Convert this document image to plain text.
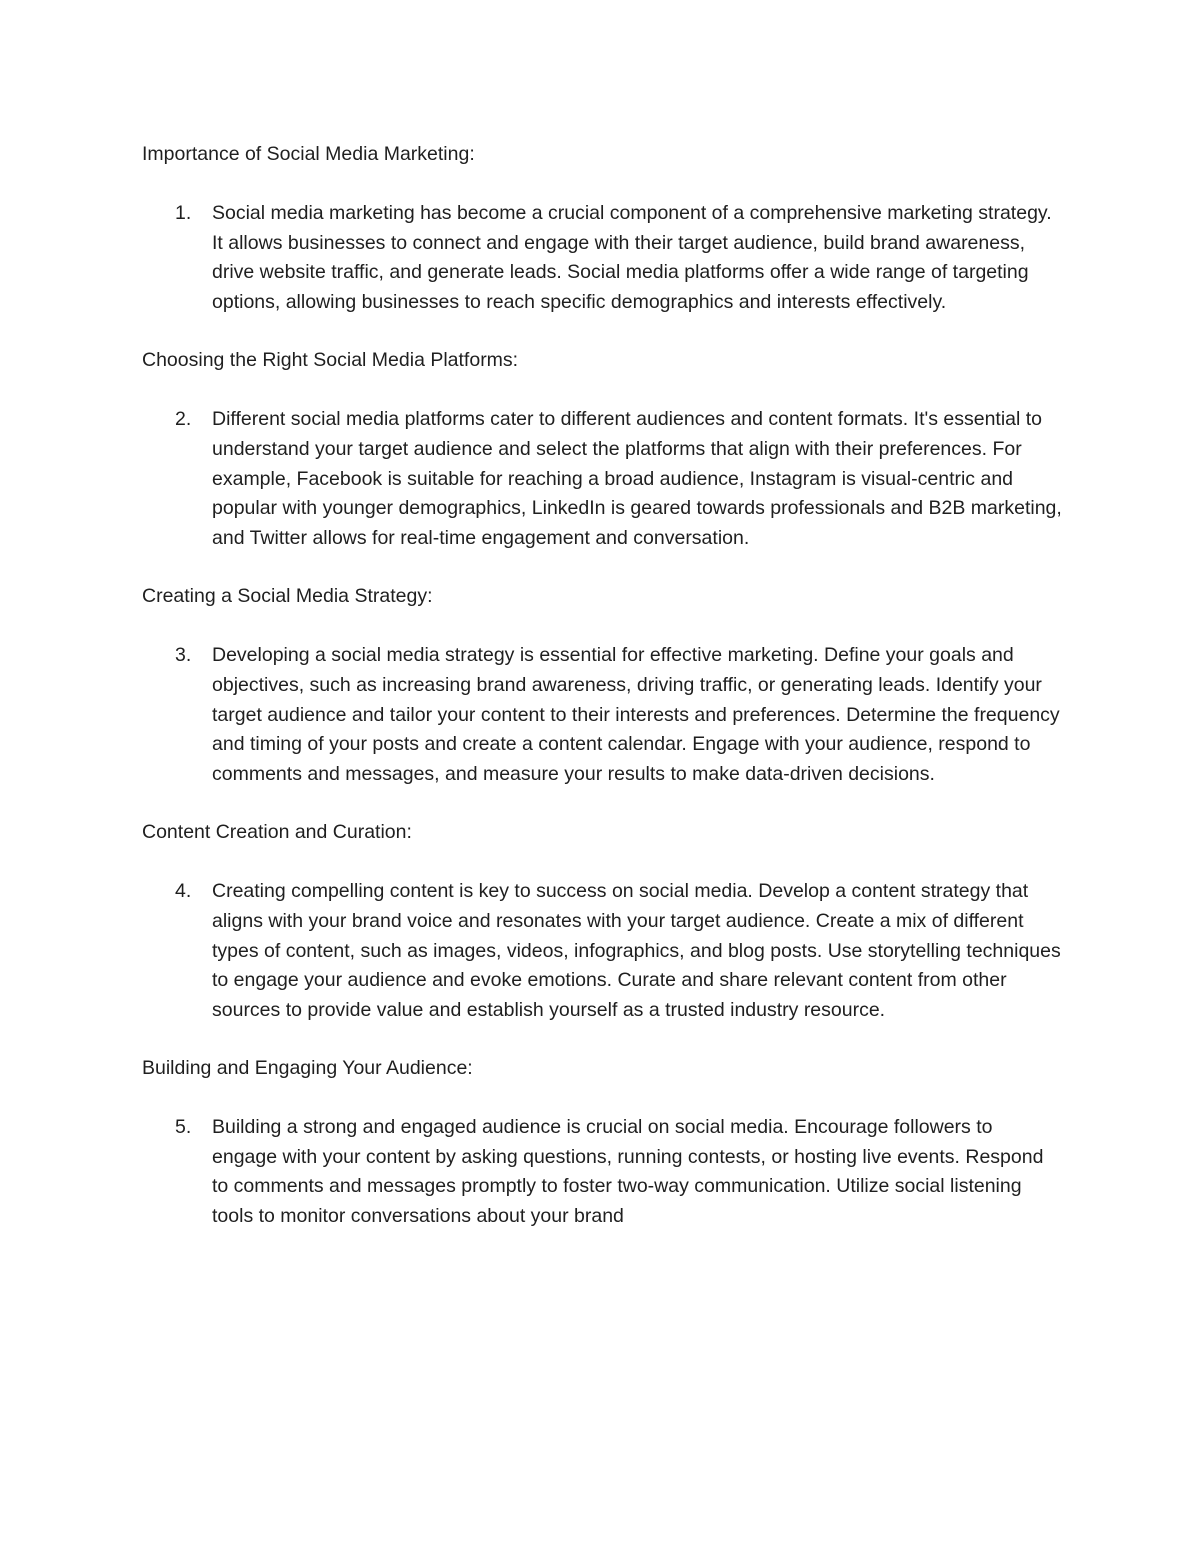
Importance of Social Media Marketing:

1.	Social media marketing has become a crucial component of a comprehensive marketing strategy. It allows businesses to connect and engage with their target audience, build brand awareness, drive website traffic, and generate leads. Social media platforms offer a wide range of targeting options, allowing businesses to reach specific demographics and interests effectively.

Choosing the Right Social Media Platforms:

2.	Different social media platforms cater to different audiences and content formats. It's essential to understand your target audience and select the platforms that align with their preferences. For example, Facebook is suitable for reaching a broad audience, Instagram is visual-centric and popular with younger demographics, LinkedIn is geared towards professionals and B2B marketing, and Twitter allows for real-time engagement and conversation.

Creating a Social Media Strategy:

3.	Developing a social media strategy is essential for effective marketing. Define your goals and objectives, such as increasing brand awareness, driving traffic, or generating leads. Identify your target audience and tailor your content to their interests and preferences. Determine the frequency and timing of your posts and create a content calendar. Engage with your audience, respond to comments and messages, and measure your results to make data-driven decisions.

Content Creation and Curation:

4.	Creating compelling content is key to success on social media. Develop a content strategy that aligns with your brand voice and resonates with your target audience. Create a mix of different types of content, such as images, videos, infographics, and blog posts. Use storytelling techniques to engage your audience and evoke emotions. Curate and share relevant content from other sources to provide value and establish yourself as a trusted industry resource.

Building and Engaging Your Audience:

5.	Building a strong and engaged audience is crucial on social media. Encourage followers to engage with your content by asking questions, running contests, or hosting live events. Respond to comments and messages promptly to foster two-way communication. Utilize social listening tools to monitor conversations about your brand
